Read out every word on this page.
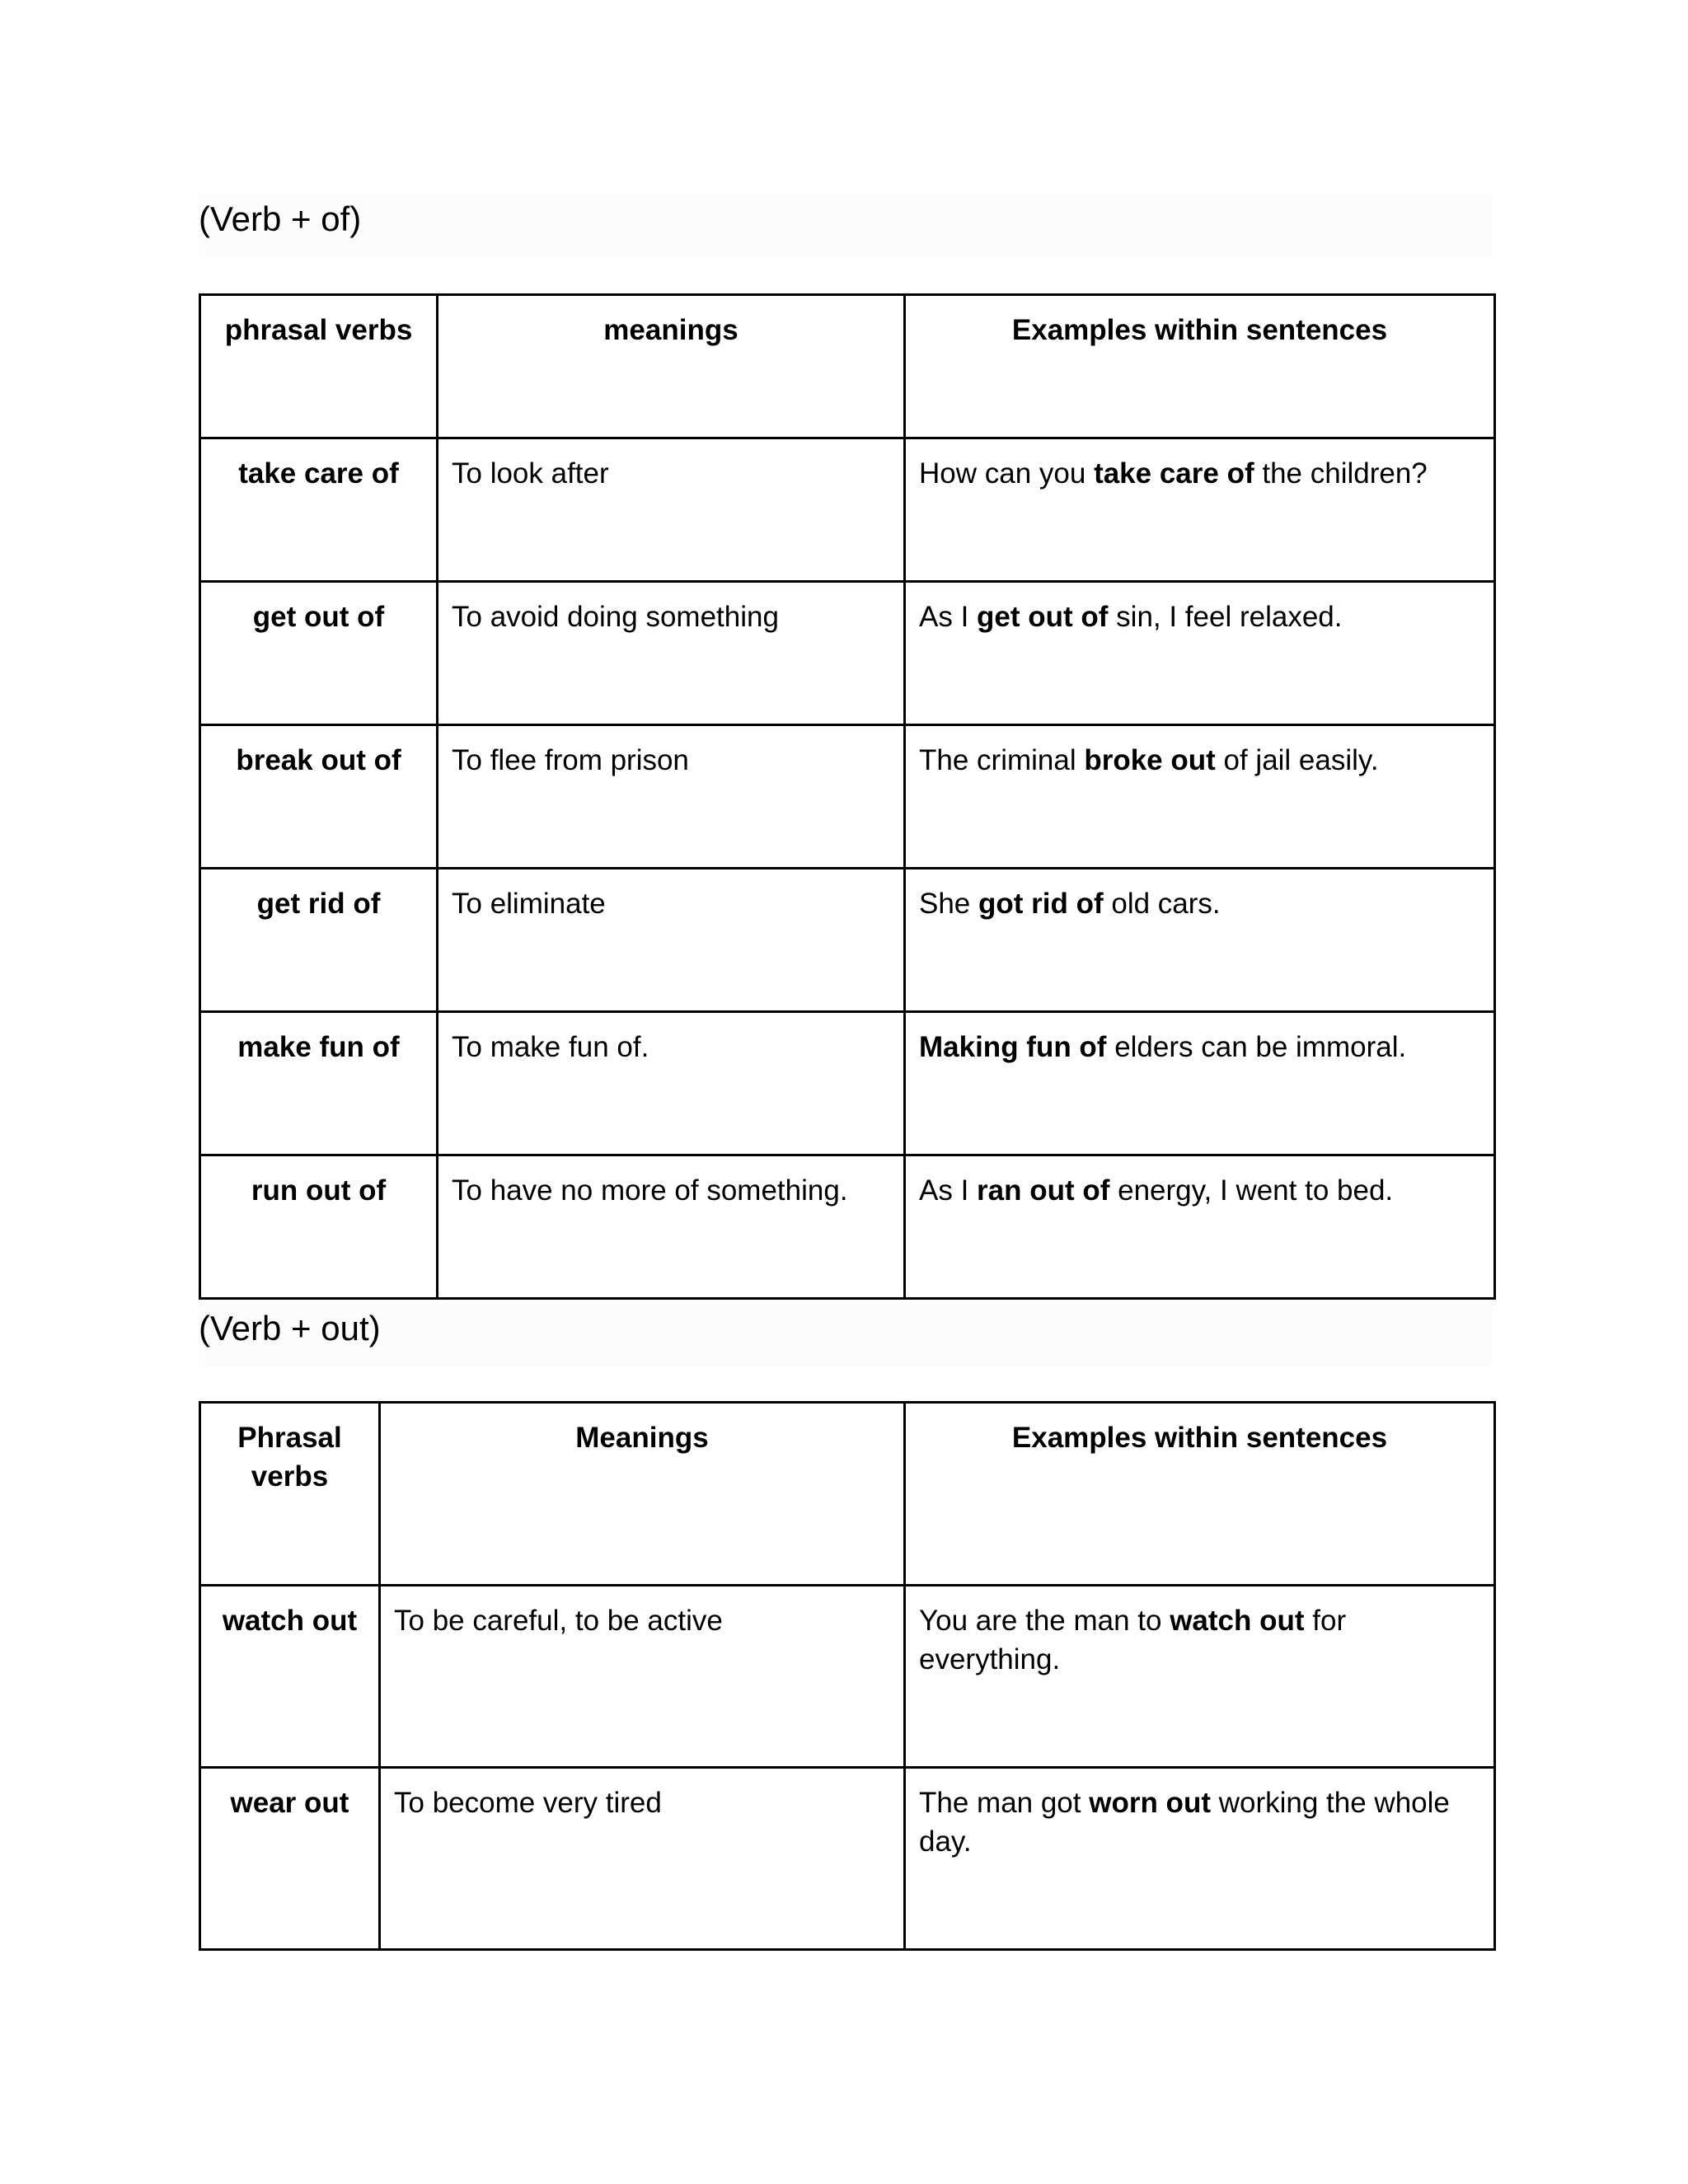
(Verb + of)
phrasal verbs	meanings	Examples within sentences
take care of	To look after	How can you take care of the children?
get out of	To avoid doing something	As I get out of sin, I feel relaxed.
break out of	To flee from prison	The criminal broke out of jail easily.
get rid of	To eliminate	She got rid of old cars.
make fun of	To make fun of.	Making fun of elders can be immoral.
run out of	To have no more of something.	As I ran out of energy, I went to bed.
(Verb + out)
Phrasal verbs	Meanings	Examples within sentences
watch out	To be careful, to be active	You are the man to watch out for everything.
wear out	To become very tired	The man got worn out working the whole day.
